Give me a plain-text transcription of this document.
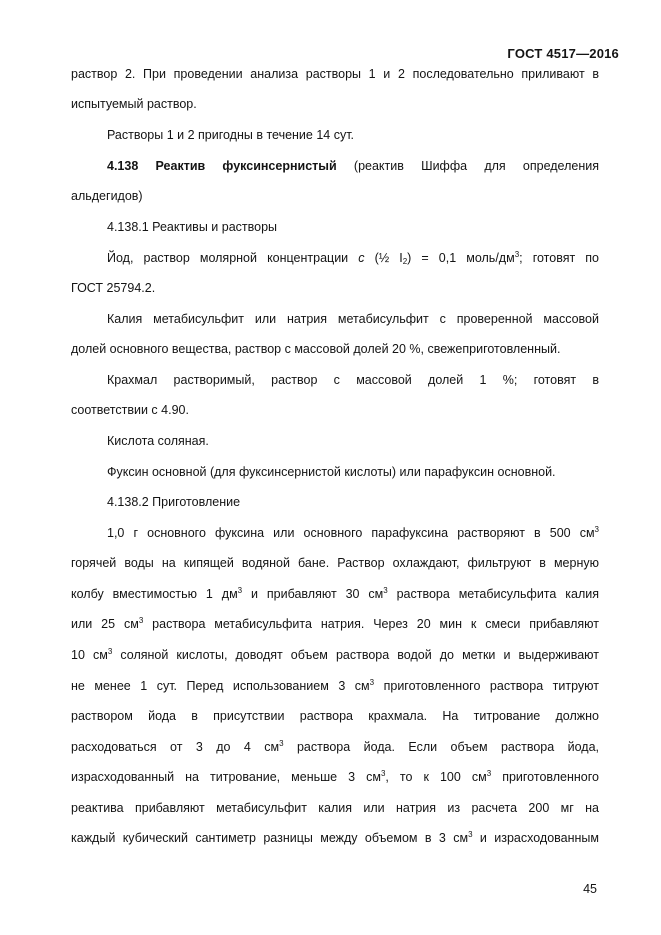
ГОСТ 4517—2016
раствор 2. При проведении анализа растворы 1 и 2 последовательно приливают в
испытуемый раствор.
Растворы 1 и 2 пригодны в течение 14 сут.
4.138 Реактив фуксинсернистый (реактив Шиффа для определения
альдегидов)
4.138.1 Реактивы и растворы
Йод, раствор молярной концентрации c (½ $I_2) = 0,1$ моль/$дм^3$; готовят по
ГОСТ 25794.2.
Калия метабисульфит или натрия метабисульфит с проверенной массовой
долей основного вещества, раствор с массовой долей 20 %, свежеприготовленный.
Крахмал растворимый, раствор с массовой долей 1 %; готовят в
соответствии с 4.90.
Кислота соляная.
Фуксин основной (для фуксинсернистой кислоты) или парафуксин основной.
4.138.2 Приготовление
1,0 г основного фуксина или основного парафуксина растворяют в 500 $см^3$
горячей воды на кипящей водяной бане. Раствор охлаждают, фильтруют в мерную
колбу вместимостью 1 $дм^3$ и прибавляют 30 $см^3$ раствора метабисульфита калия
или 25 $см^3$ раствора метабисульфита натрия. Через 20 мин к смеси прибавляют
10 $см^3$ соляной кислоты, доводят объем раствора водой до метки и выдерживают
не менее 1 сут. Перед использованием 3 $см^3$ приготовленного раствора титруют
раствором йода в присутствии раствора крахмала. На титрование должно
расходоваться от 3 до 4 $см^3$ раствора йода. Если объем раствора йода,
израсходованный на титрование, меньше 3 $см^3$, то к 100 $см^3$ приготовленного
реактива прибавляют метабисульфит калия или натрия из расчета 200 мг на
каждый кубический сантиметр разницы между объемом в 3 $см^3$ и израсходованным
45
